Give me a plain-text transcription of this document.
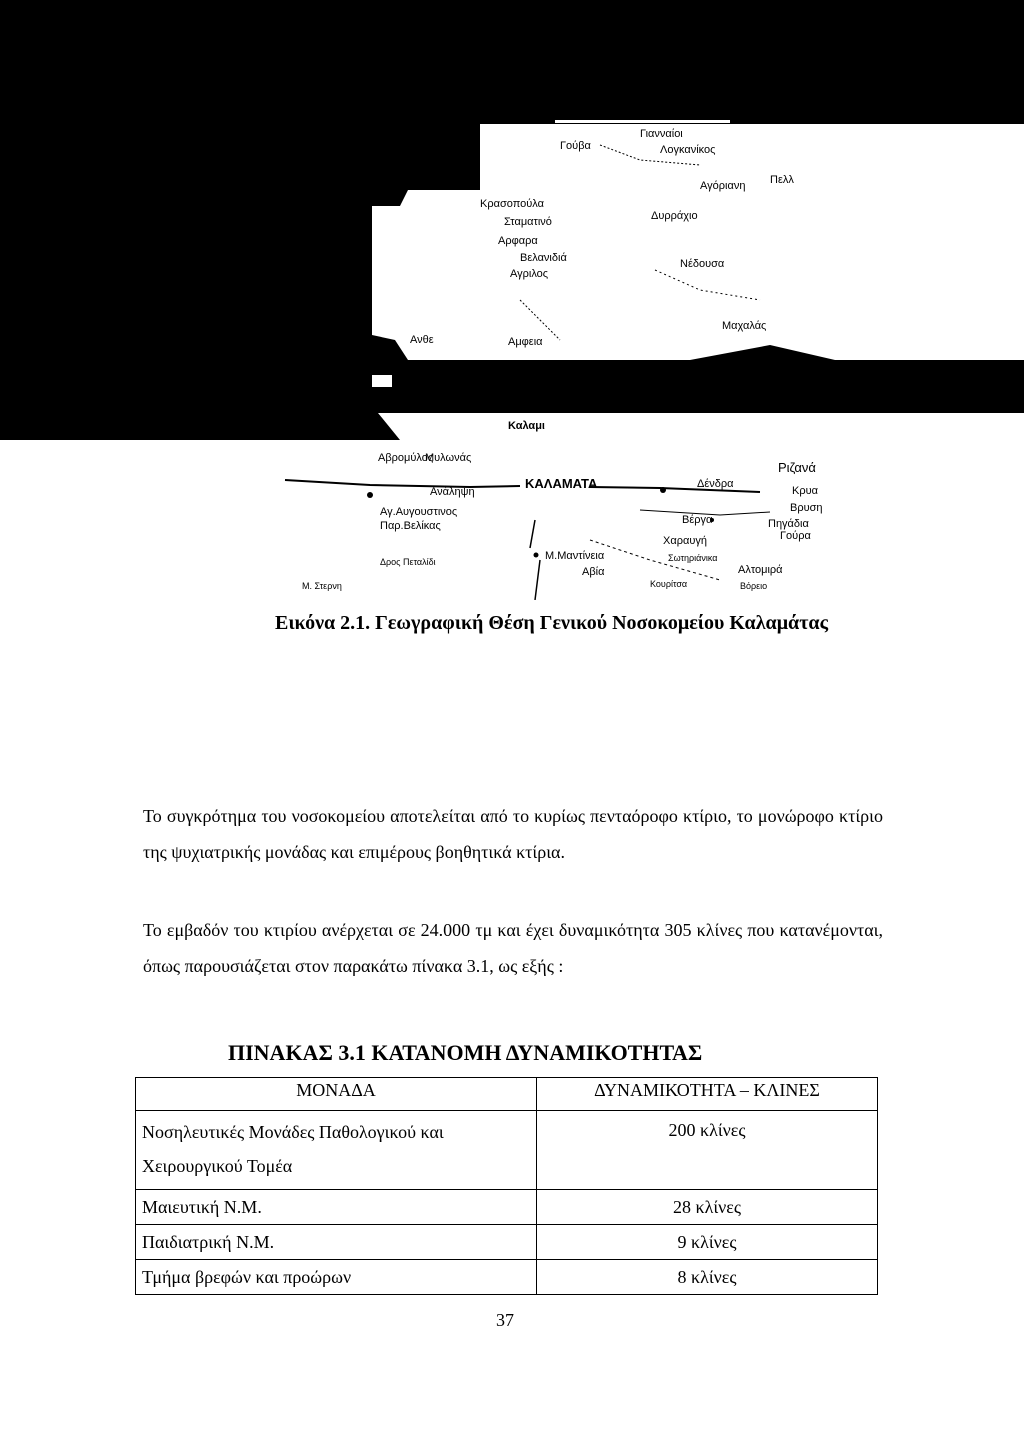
Αρφαρα
Βελανιδιά
Αγριλος
Αμφεια
Σταματινό
Κρασοπούλα
Γιανναίοι
Λογκανίκος
Αγόριανη Πελλ
Δυρράχιο
Νέδουσα
Μαχαλάς
Καλαμι
Αβρομύλος
Μυλωνάς
ΚΑΛΑΜΑΤΑ
Ριζανά
Δένδρα
Κρυα
Βρυση
Αγ.Αυγουστινος
Παρ.Βελίκας	Βέργα	Πηγάδια
Χαραυγή
Μ.Μαντίνεια	Σωτηριάνικα
Αλτομιρά
Αβία
Κουρίτσα	Βόρειο
Σουκαλαίικα
Γούβα
Γούρα
Ανθε
Ανάληψη
Δρος Πεταλίδι
Μ. Στερνη
Εικόνα 2.1. Γεωγραφική Θέση Γενικού Νοσοκομείου Καλαμάτας

Το συγκρότημα του νοσοκομείου αποτελείται από το κυρίως πενταόροφο κτίριο, το μονώροφο κτίριο της ψυχιατρικής μονάδας και επιμέρους βοηθητικά κτίρια.

Το εμβαδόν του κτιρίου ανέρχεται σε 24.000 τμ και έχει δυναμικότητα 305 κλίνες που κατανέμονται, όπως παρουσιάζεται στον παρακάτω πίνακα 3.1, ως εξής :

ΠΙΝΑΚΑΣ 3.1 ΚΑΤΑΝΟΜΗ ΔΥΝΑΜΙΚΟΤΗΤΑΣ
ΜΟΝΑΔΑ	ΔΥΝΑΜΙΚΟΤΗΤΑ – ΚΛΙΝΕΣ
Νοσηλευτικές Μονάδες Παθολογικού και Χειρουργικού Τομέα	200 κλίνες
Μαιευτική Ν.Μ.	28 κλίνες
Παιδιατρική Ν.Μ.	9 κλίνες
Τμήμα βρεφών και προώρων	8 κλίνες
37
